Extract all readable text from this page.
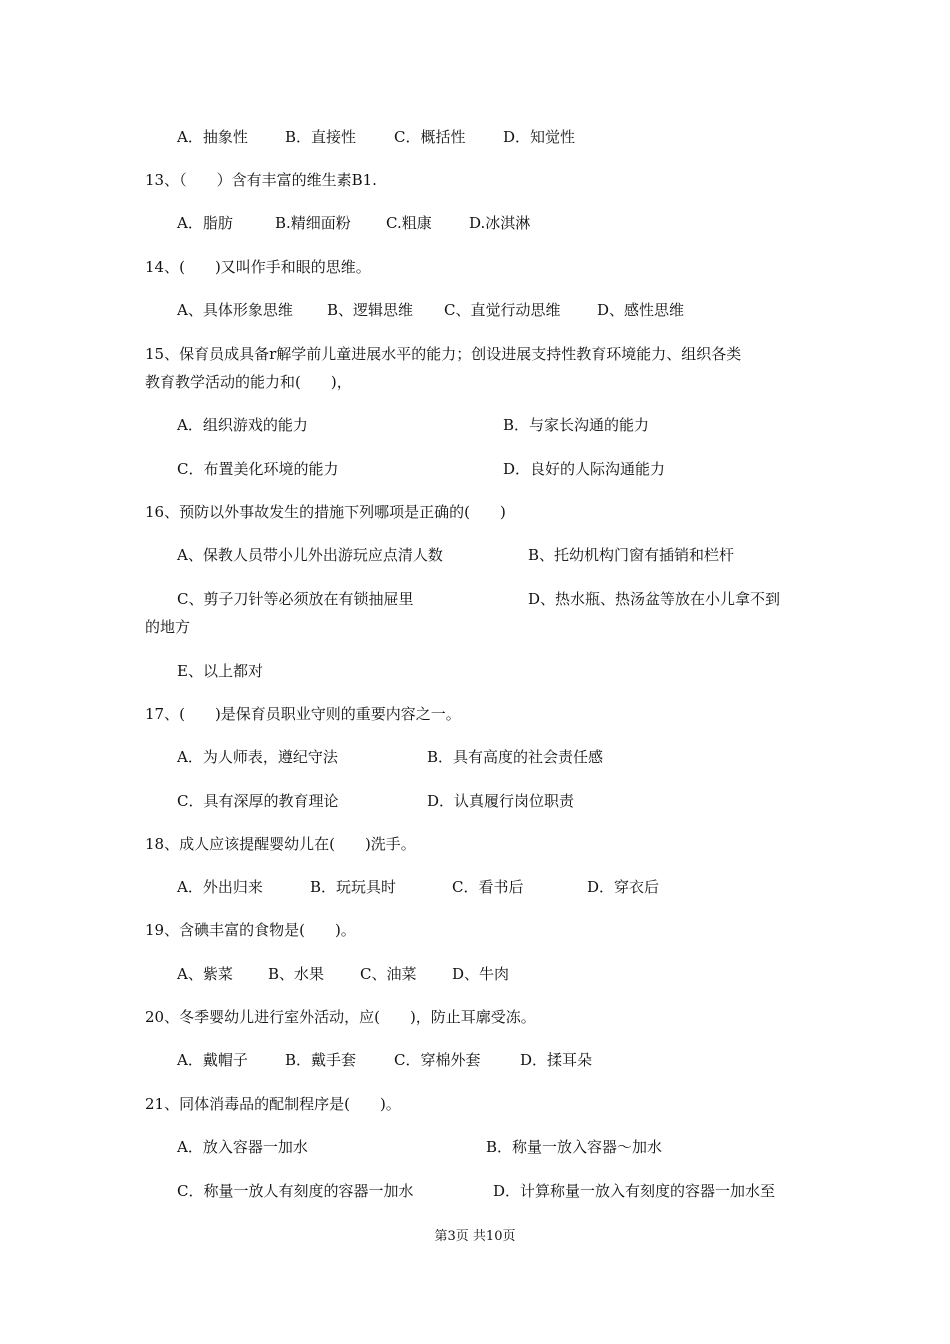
A．抽象性 B．直接性	C．概括性	D．知觉性
13、（　　）含有丰富的维生素B1.
A．脂肪	B.精细面粉 C.粗康 D.冰淇淋
14、(　　)又叫作手和眼的思维。
A、具体形象思维 B、逻辑思维 C、直觉行动思维 D、感性思维
15、保育员成具备r解学前儿童进展水平的能力；创设进展支持性教育环境能力、组织各类
教育教学活动的能力和(　　)，
A．组织游戏的能力	B．与家长沟通的能力
C．布置美化环境的能力	D．良好的人际沟通能力
16、预防以外事故发生的措施下列哪项是正确的(　　)
A、保教人员带小儿外出游玩应点清人数	B、托幼机构门窗有插销和栏杆
C、剪子刀针等必须放在有锁抽屉里	D、热水瓶、热汤盆等放在小儿拿不到
的地方
E、以上都对
17、(　　)是保育员职业守则的重要内容之一。
A．为人师表，遵纪守法	B．具有高度的社会责任感
C．具有深厚的教育理论	D．认真履行岗位职责
18、成人应该提醒婴幼儿在(　　)洗手。
A．外出归来	B．玩玩具时	C．看书后	D．穿衣后
19、含碘丰富的食物是(　　)。
A、紫菜 B、水果 C、油菜 D、牛肉
20、冬季婴幼儿进行室外活动，应(　　)，防止耳廓受冻。
A．戴帽子 B．戴手套	C．穿棉外套	D．揉耳朵
21、同体消毒品的配制程序是(　　)。
A．放入容器一加水	B．称量一放入容器～加水
C．称量一放人有刻度的容器一加水	D．计算称量一放入有刻度的容器一加水至
第3页 共10页
